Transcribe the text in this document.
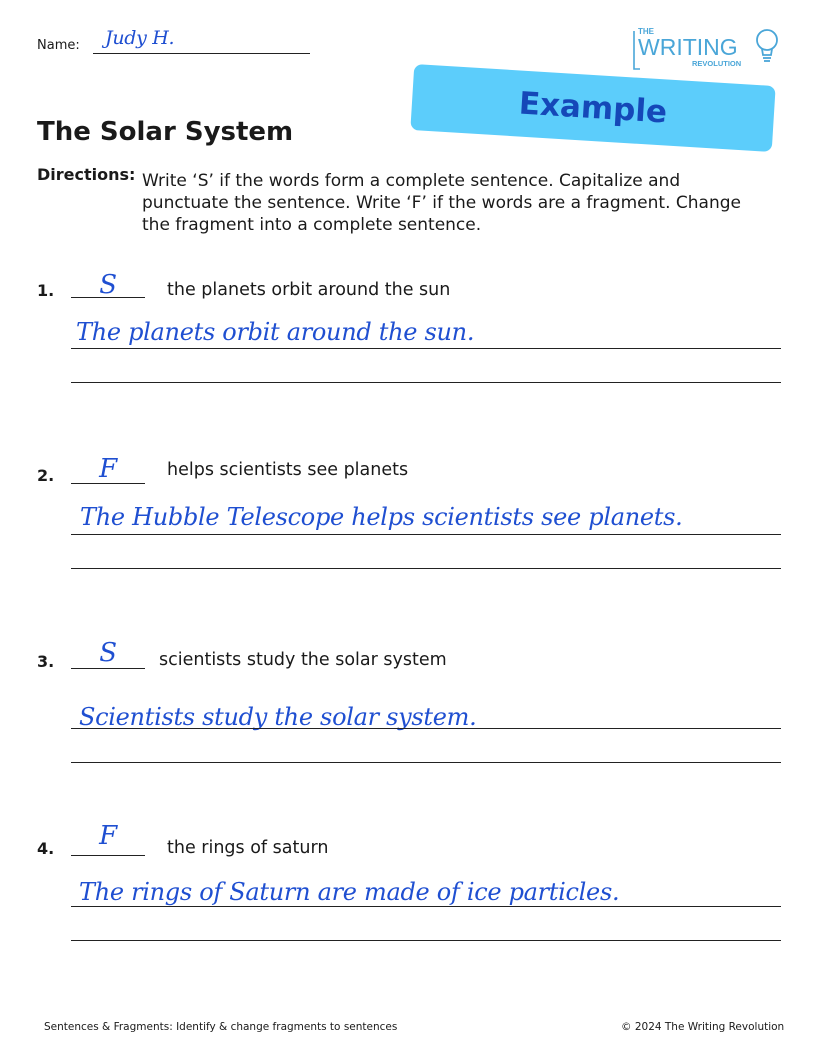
Name: Judy H.	THE
WRITING
REVOLUTION
Example
The Solar System
Directions: Write ‘S’ if the words form a complete sentence. Capitalize and punctuate the sentence. Write ‘F’ if the words are a fragment. Change the fragment into a complete sentence.
1.	S	the planets orbit around the sun
The planets orbit around the sun.
2.	F	helps scientists see planets
The Hubble Telescope helps scientists see planets.
3.	S	scientists study the solar system
Scientists study the solar system.
4.	F	the rings of saturn
The rings of Saturn are made of ice particles.
Sentences & Fragments: Identify & change fragments to sentences	© 2024 The Writing Revolution
